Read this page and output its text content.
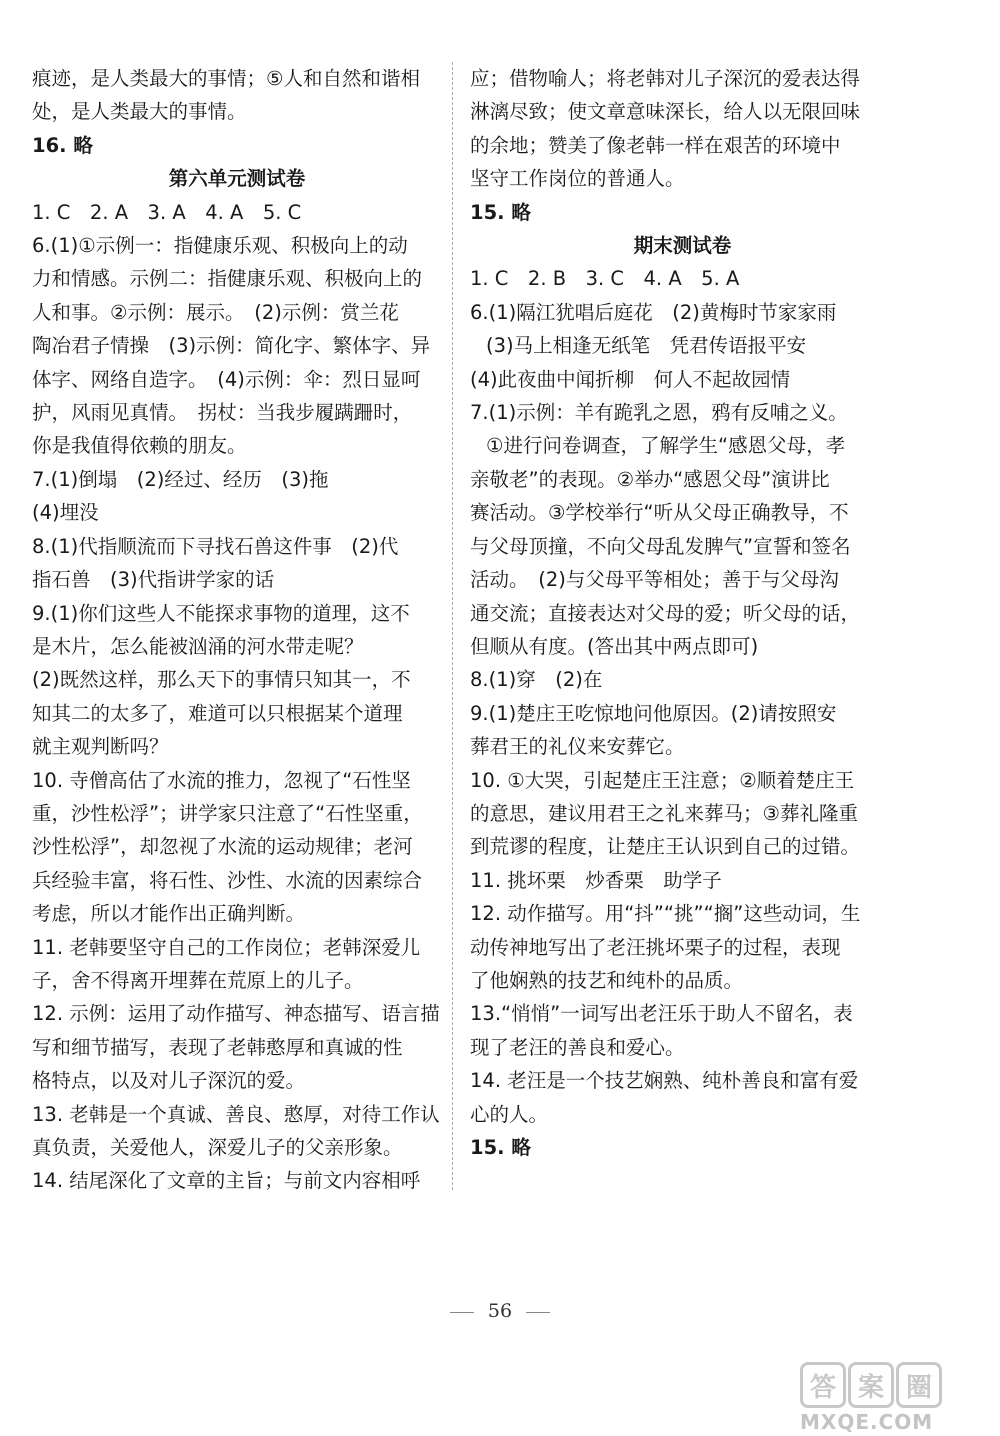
痕迹，是人类最大的事情；⑤人和自然和谐相
处，是人类最大的事情。
16. 略
第六单元测试卷
1. C　2. A　3. A　4. A　5. C
6.(1)①示例一：指健康乐观、积极向上的动
力和情感。示例二：指健康乐观、积极向上的
人和事。②示例：展示。　(2)示例：赏兰花
陶冶君子情操　(3)示例：简化字、繁体字、异
体字、网络自造字。　(4)示例：伞：烈日显呵
护，风雨见真情。　拐杖：当我步履蹒跚时，
你是我值得依赖的朋友。
7.(1)倒塌　(2)经过、经历　(3)拖
(4)埋没
8.(1)代指顺流而下寻找石兽这件事　(2)代
指石兽　(3)代指讲学家的话
9.(1)你们这些人不能探求事物的道理，这不
是木片，怎么能被汹涌的河水带走呢？
(2)既然这样，那么天下的事情只知其一，不
知其二的太多了，难道可以只根据某个道理
就主观判断吗？
10. 寺僧高估了水流的推力，忽视了“石性坚
重，沙性松浮”；讲学家只注意了“石性坚重，
沙性松浮”，却忽视了水流的运动规律；老河
兵经验丰富，将石性、沙性、水流的因素综合
考虑，所以才能作出正确判断。
11. 老韩要坚守自己的工作岗位；老韩深爱儿
子，舍不得离开埋葬在荒原上的儿子。
12. 示例：运用了动作描写、神态描写、语言描
写和细节描写，表现了老韩憨厚和真诚的性
格特点，以及对儿子深沉的爱。
13. 老韩是一个真诚、善良、憨厚，对待工作认
真负责，关爱他人，深爱儿子的父亲形象。
14. 结尾深化了文章的主旨；与前文内容相呼
应；借物喻人；将老韩对儿子深沉的爱表达得
淋漓尽致；使文章意味深长，给人以无限回味
的余地；赞美了像老韩一样在艰苦的环境中
坚守工作岗位的普通人。
15. 略
期末测试卷
1. C　2. B　3. C　4. A　5. A
6.(1)隔江犹唱后庭花　(2)黄梅时节家家雨
(3)马上相逢无纸笔　凭君传语报平安
(4)此夜曲中闻折柳　何人不起故园情
7.(1)示例：羊有跪乳之恩，鸦有反哺之义。
①进行问卷调查，了解学生“感恩父母，孝
亲敬老”的表现。②举办“感恩父母”演讲比
赛活动。③学校举行“听从父母正确教导，不
与父母顶撞，不向父母乱发脾气”宣誓和签名
活动。　(2)与父母平等相处；善于与父母沟
通交流；直接表达对父母的爱；听父母的话，
但顺从有度。(答出其中两点即可)
8.(1)穿　(2)在
9.(1)楚庄王吃惊地问他原因。(2)请按照安
葬君王的礼仪来安葬它。
10. ①大哭，引起楚庄王注意；②顺着楚庄王
的意思，建议用君王之礼来葬马；③葬礼隆重
到荒谬的程度，让楚庄王认识到自己的过错。
11. 挑坏栗　炒香栗　助学子
12. 动作描写。用“抖”“挑”“搁”这些动词，生
动传神地写出了老汪挑坏栗子的过程，表现
了他娴熟的技艺和纯朴的品质。
13.“悄悄”一词写出老汪乐于助人不留名，表
现了老汪的善良和爱心。
14. 老汪是一个技艺娴熟、纯朴善良和富有爱
心的人。
15. 略
56
答 案 圈
MXQE.COM
